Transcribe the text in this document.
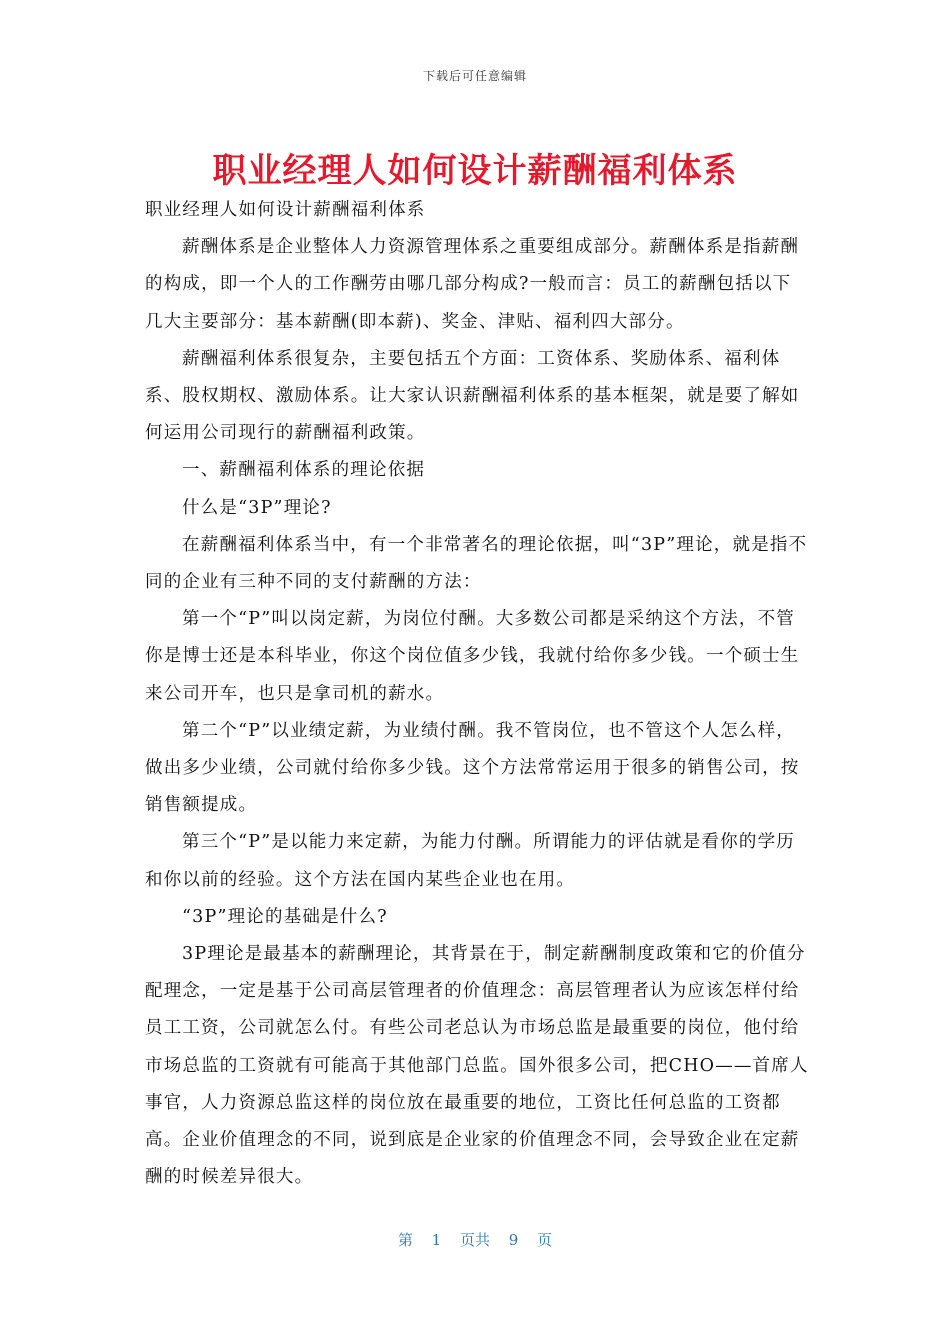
下载后可任意编辑
职业经理人如何设计薪酬福利体系

职业经理人如何设计薪酬福利体系

薪酬体系是企业整体人力资源管理体系之重要组成部分。薪酬体系是指薪酬的构成，即一个人的工作酬劳由哪几部分构成?一般而言：员工的薪酬包括以下几大主要部分：基本薪酬(即本薪)、奖金、津贴、福利四大部分。

薪酬福利体系很复杂，主要包括五个方面：工资体系、奖励体系、福利体系、股权期权、激励体系。让大家认识薪酬福利体系的基本框架，就是要了解如何运用公司现行的薪酬福利政策。

一、薪酬福利体系的理论依据

什么是“3P”理论?

在薪酬福利体系当中，有一个非常著名的理论依据，叫“3P”理论，就是指不同的企业有三种不同的支付薪酬的方法：

第一个“P”叫以岗定薪，为岗位付酬。大多数公司都是采纳这个方法，不管你是博士还是本科毕业，你这个岗位值多少钱，我就付给你多少钱。一个硕士生来公司开车，也只是拿司机的薪水。

第二个“P”以业绩定薪，为业绩付酬。我不管岗位，也不管这个人怎么样，做出多少业绩，公司就付给你多少钱。这个方法常常运用于很多的销售公司，按销售额提成。

第三个“P”是以能力来定薪，为能力付酬。所谓能力的评估就是看你的学历和你以前的经验。这个方法在国内某些企业也在用。

“3P”理论的基础是什么?

3P理论是最基本的薪酬理论，其背景在于，制定薪酬制度政策和它的价值分配理念，一定是基于公司高层管理者的价值理念：高层管理者认为应该怎样付给员工工资，公司就怎么付。有些公司老总认为市场总监是最重要的岗位，他付给市场总监的工资就有可能高于其他部门总监。国外很多公司，把CHO——首席人事官，人力资源总监这样的岗位放在最重要的地位，工资比任何总监的工资都高。企业价值理念的不同，说到底是企业家的价值理念不同，会导致企业在定薪酬的时候差异很大。

第 1 页共 9 页
